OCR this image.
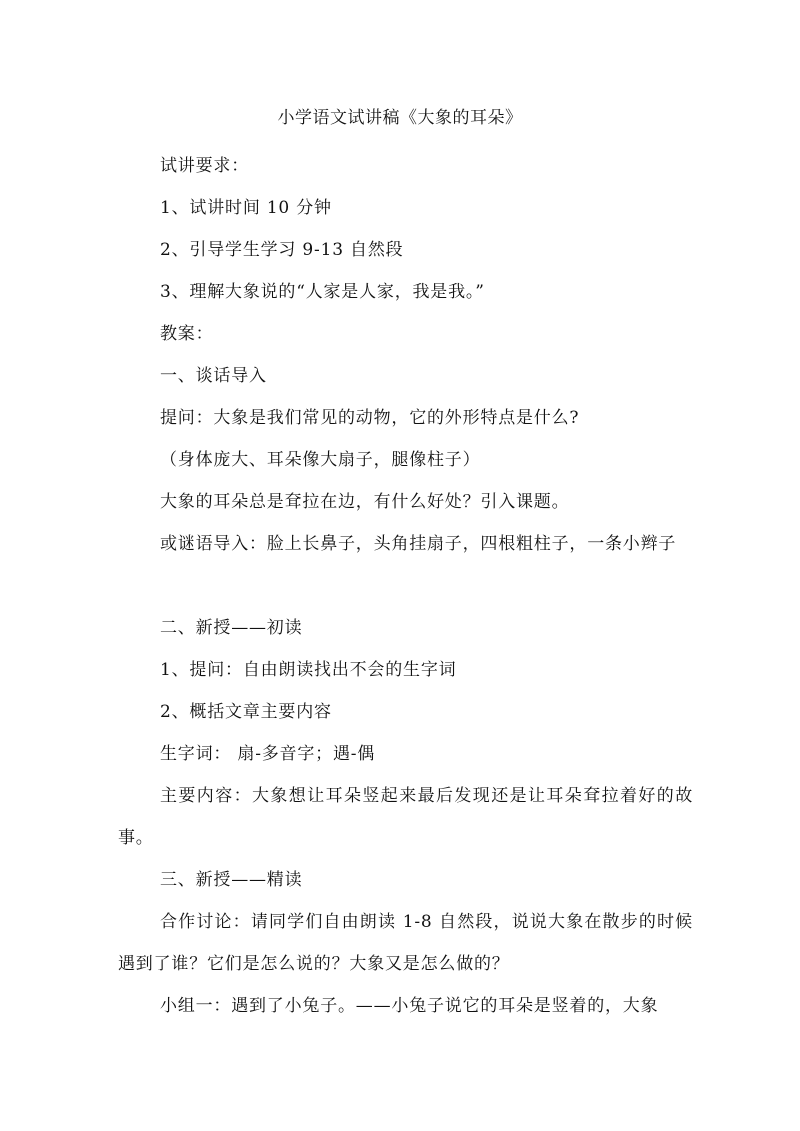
小学语文试讲稿《大象的耳朵》

试讲要求：

1、试讲时间 10 分钟

2、引导学生学习 9-13 自然段

3、理解大象说的“人家是人家，我是我。”

教案：

一、谈话导入

提问：大象是我们常见的动物，它的外形特点是什么?

（身体庞大、耳朵像大扇子，腿像柱子）

大象的耳朵总是耷拉在边，有什么好处？引入课题。

或谜语导入：脸上长鼻子，头角挂扇子，四根粗柱子，一条小辫子

二、新授——初读

1、提问：自由朗读找出不会的生字词

2、概括文章主要内容

生字词： 扇-多音字；遇-偶

主要内容：大象想让耳朵竖起来最后发现还是让耳朵耷拉着好的故事。

三、新授——精读

合作讨论：请同学们自由朗读 1-8 自然段，说说大象在散步的时候遇到了谁？它们是怎么说的？大象又是怎么做的？

小组一：遇到了小兔子。——小兔子说它的耳朵是竖着的，大象
